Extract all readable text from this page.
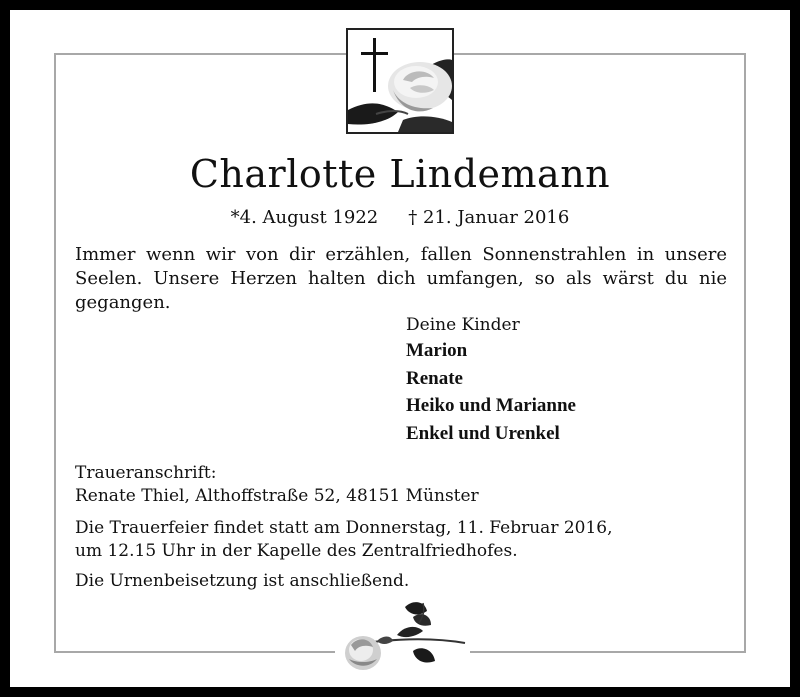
Charlotte Lindemann
*4. August 1922 † 21. Januar 2016
Immer wenn wir von dir erzählen, fallen Sonnenstrahlen in unsere Seelen. Unsere Herzen halten dich umfangen, so als wärst du nie gegangen.
Deine Kinder
Marion
Renate
Heiko und Marianne
Enkel und Urenkel
Traueranschrift:
Renate Thiel, Althoffstraße 52, 48151 Münster
Die Trauerfeier findet statt am Donnerstag, 11. Februar 2016,
um 12.15 Uhr in der Kapelle des Zentralfriedhofes.
Die Urnenbeisetzung ist anschließend.
